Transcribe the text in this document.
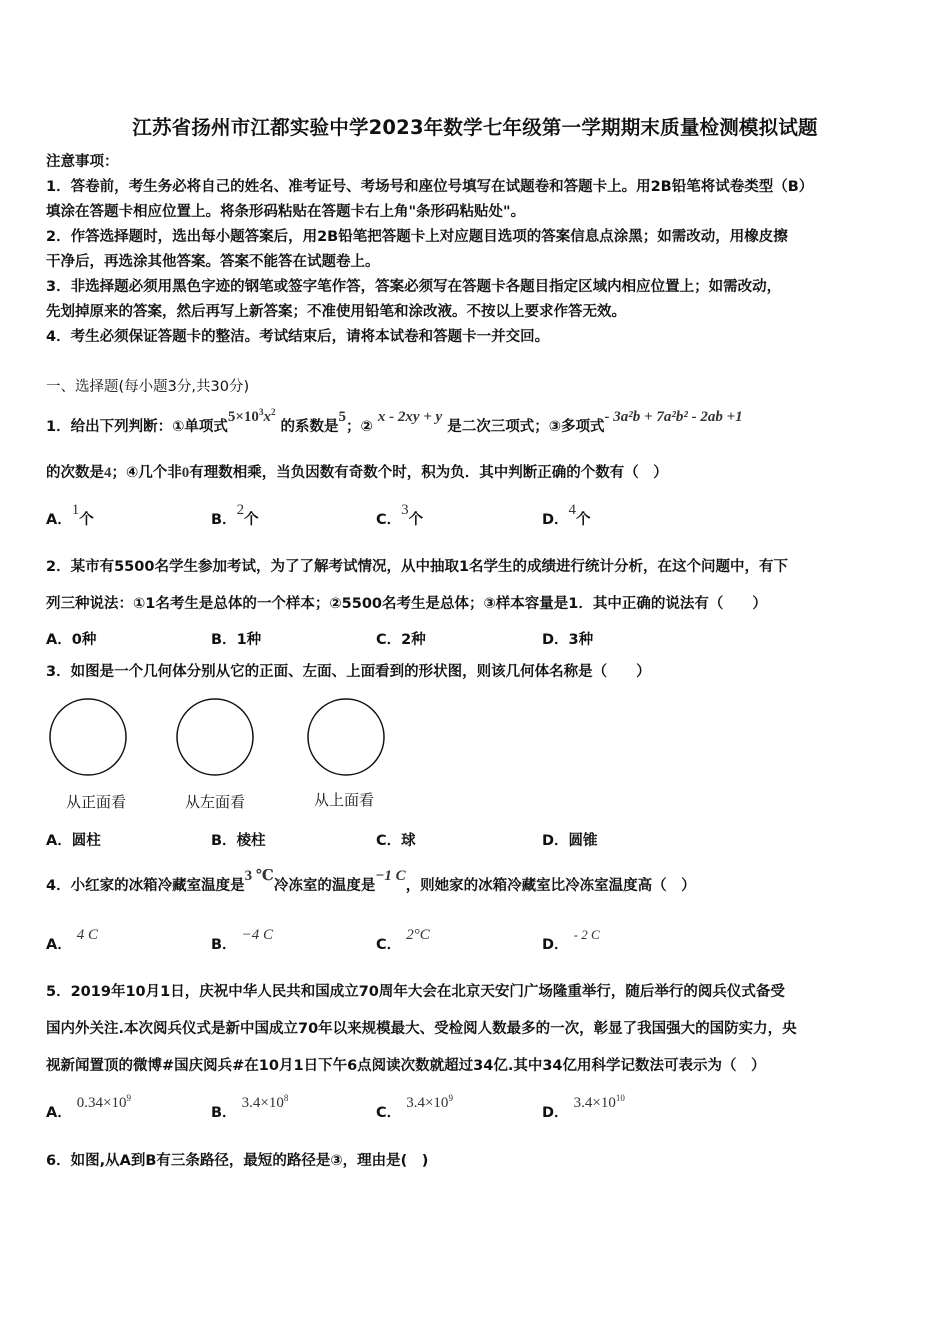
江苏省扬州市江都实验中学2023年数学七年级第一学期期末质量检测模拟试题
注意事项：
1．答卷前，考生务必将自己的姓名、准考证号、考场号和座位号填写在试题卷和答题卡上。用2B铅笔将试卷类型（B）
填涂在答题卡相应位置上。将条形码粘贴在答题卡右上角"条形码粘贴处"。
2．作答选择题时，选出每小题答案后，用2B铅笔把答题卡上对应题目选项的答案信息点涂黑；如需改动，用橡皮擦
干净后，再选涂其他答案。答案不能答在试题卷上。
3．非选择题必须用黑色字迹的钢笔或签字笔作答，答案必须写在答题卡各题目指定区域内相应位置上；如需改动，
先划掉原来的答案，然后再写上新答案；不准使用铅笔和涂改液。不按以上要求作答无效。
4．考生必须保证答题卡的整洁。考试结束后，请将本试卷和答题卡一并交回。
一、选择题(每小题3分,共30分)
1．给出下列判断：①单项式$5\times 10^3x^2$ 的系数是5；② x - 2xy + y 是二次三项式；③多项式- 3a²b + 7a²b² - 2ab +1
的次数是4；④几个非0有理数相乘，当负因数有奇数个时，积为负．其中判断正确的个数有（　）
A．1个	B．2个	C．3个	D．4个
2．某市有5500名学生参加考试，为了了解考试情况，从中抽取1名学生的成绩进行统计分析，在这个问题中，有下
列三种说法：①1名考生是总体的一个样本；②5500名考生是总体；③样本容量是1．其中正确的说法有（　　）
A．0种	B．1种	C．2种	D．3种
3．如图是一个几何体分别从它的正面、左面、上面看到的形状图，则该几何体名称是（　　）
从正面看	从左面看	从上面看
A．圆柱	B．棱柱	C．球	D．圆锥
4．小红家的冰箱冷藏室温度是3 ℃冷冻室的温度是−1 C，则她家的冰箱冷藏室比冷冻室温度高（　）
A． 4 C
B． −4 C
C． 2°C
D． - 2 C
5．2019年10月1日，庆祝中华人民共和国成立70周年大会在北京天安门广场隆重举行，随后举行的阅兵仪式备受
国内外关注.本次阅兵仪式是新中国成立70年以来规模最大、受检阅人数最多的一次，彰显了我国强大的国防实力，央
视新闻置顶的微博#国庆阅兵#在10月1日下午6点阅读次数就超过34亿.其中34亿用科学记数法可表示为（　）
A． $0.34\times 10^9$
B． $3.4\times 10^8$
C． $3.4\times 10^9$
D． $3.4\times 10^{10}$
6．如图,从A到B有三条路径，最短的路径是③，理由是(　)
